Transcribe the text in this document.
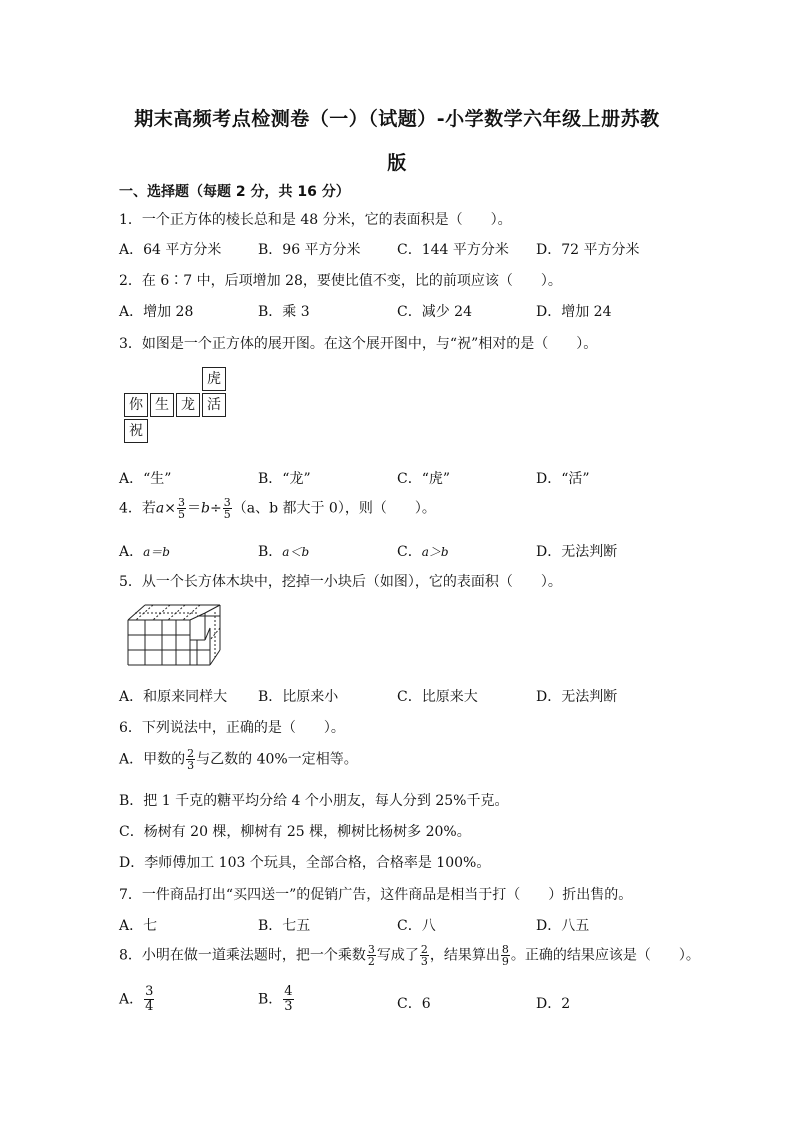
期末高频考点检测卷（一）（试题）-小学数学六年级上册苏教
版
一、选择题（每题 2 分，共 16 分）
1．一个正方体的棱长总和是 48 分米，它的表面积是（　　）。
A．64 平方分米	B．96 平方分米	C．144 平方分米 D．72 平方分米
2．在 6∶7 中，后项增加 28，要使比值不变，比的前项应该（　　）。
A．增加 28	B．乘 3	C．减少 24	D．增加 24
3．如图是一个正方体的展开图。在这个展开图中，与“祝”相对的是（　　）。
虎
你 生 龙 活
祝
A．“生”	B．“龙”	C．“虎”	D．“活”
4．若$a\times \frac{3}{5} =b\div \frac{3}{5} (a$、b 都大于 0），则（　　）。
A．a＝b	B．a＜b	C．a＞b	D．无法判断
5．从一个长方体木块中，挖掉一小块后（如图），它的表面积（　　）。
A．和原来同样大 B．比原来小	C．比原来大	D．无法判断
6．下列说法中，正确的是（　　）。
A．甲数的 $\frac{2}{3}$ 与乙数的 40%一定相等。
B．把 1 千克的糖平均分给 4 个小朋友，每人分到 25%千克。
C．杨树有 20 棵，柳树有 25 棵，柳树比杨树多 20%。
D．李师傅加工 103 个玩具，全部合格，合格率是 100%。
7．一件商品打出“买四送一”的促销广告，这件商品是相当于打（　　）折出售的。
A．七	B．七五	C．八	D．八五
8．小明在做一道乘法题时，把一个乘数 $\frac{3}{2}$ 写成了 $\frac{2}{3}$ ，结果算出 $\frac{8}{9}$ 。正确的结果应该是（　　）。
A． $\frac{3}{4}$	B． $\frac{4}{3}$	C．6	D．2
